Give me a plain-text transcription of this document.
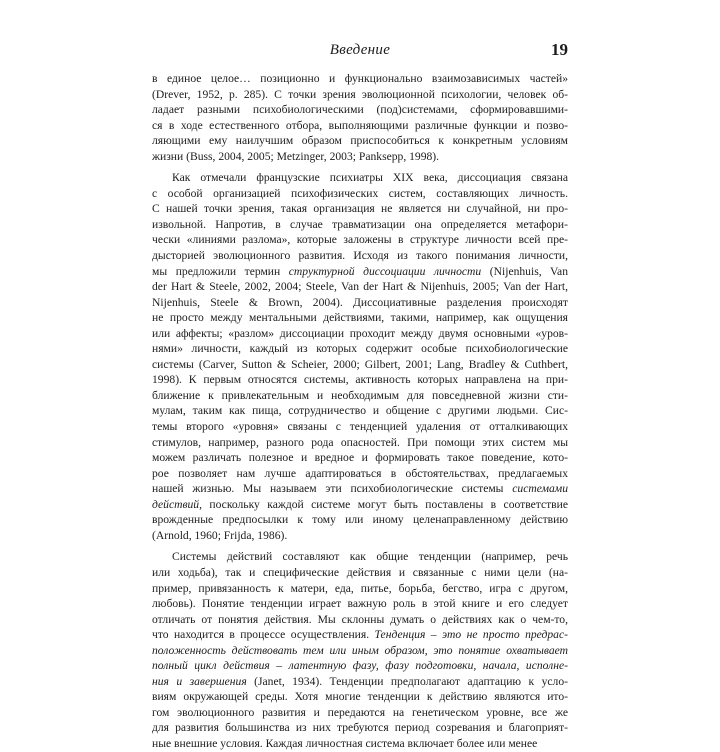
Введение	19
в единое целое… позиционно и функционально взаимозависимых частей»
(Drever, 1952, p. 285). С точки зрения эволюционной психологии, человек об-
ладает разными психобиологическими (под)системами, сформировавшими-
ся в ходе естественного отбора, выполняющими различные функции и позво-
ляющими ему наилучшим образом приспособиться к конкретным условиям
жизни (Buss, 2004, 2005; Metzinger, 2003; Panksepp, 1998).
Как отмечали французские психиатры XIX века, диссоциация связана
с особой организацией психофизических систем, составляющих личность.
С нашей точки зрения, такая организация не является ни случайной, ни про-
извольной. Напротив, в случае травматизации она определяется метафори-
чески «линиями разлома», которые заложены в структуре личности всей пре-
дысторией эволюционного развития. Исходя из такого понимания личности,
мы предложили термин структурной диссоциации личности (Nijenhuis, Van
der Hart & Steele, 2002, 2004; Steele, Van der Hart & Nijenhuis, 2005; Van der Hart,
Nijenhuis, Steele & Brown, 2004). Диссоциативные разделения происходят
не просто между ментальными действиями, такими, например, как ощущения
или аффекты; «разлом» диссоциации проходит между двумя основными «уров-
нями» личности, каждый из которых содержит особые психобиологические
системы (Carver, Sutton & Scheier, 2000; Gilbert, 2001; Lang, Bradley & Cuthbert,
1998). К первым относятся системы, активность которых направлена на при-
ближение к привлекательным и необходимым для повседневной жизни сти-
мулам, таким как пища, сотрудничество и общение с другими людьми. Сис-
темы второго «уровня» связаны с тенденцией удаления от отталкивающих
стимулов, например, разного рода опасностей. При помощи этих систем мы
можем различать полезное и вредное и формировать такое поведение, кото-
рое позволяет нам лучше адаптироваться в обстоятельствах, предлагаемых
нашей жизнью. Мы называем эти психобиологические системы системами
действий, поскольку каждой системе могут быть поставлены в соответствие
врожденные предпосылки к тому или иному целенаправленному действию
(Arnold, 1960; Frijda, 1986).
Системы действий составляют как общие тенденции (например, речь
или ходьба), так и специфические действия и связанные с ними цели (на-
пример, привязанность к матери, еда, питье, борьба, бегство, игра с другом,
любовь). Понятие тенденции играет важную роль в этой книге и его следует
отличать от понятия действия. Мы склонны думать о действиях как о чем-то,
что находится в процессе осуществления. Тенденция – это не просто предрас-
положенность действовать тем или иным образом, это понятие охватывает
полный цикл действия – латентную фазу, фазу подготовки, начала, исполне-
ния и завершения (Janet, 1934). Тенденции предполагают адаптацию к усло-
виям окружающей среды. Хотя многие тенденции к действию являются ито-
гом эволюционного развития и передаются на генетическом уровне, все же
для развития большинства из них требуются период созревания и благоприят-
ные внешние условия. Каждая личностная система включает более или менее
